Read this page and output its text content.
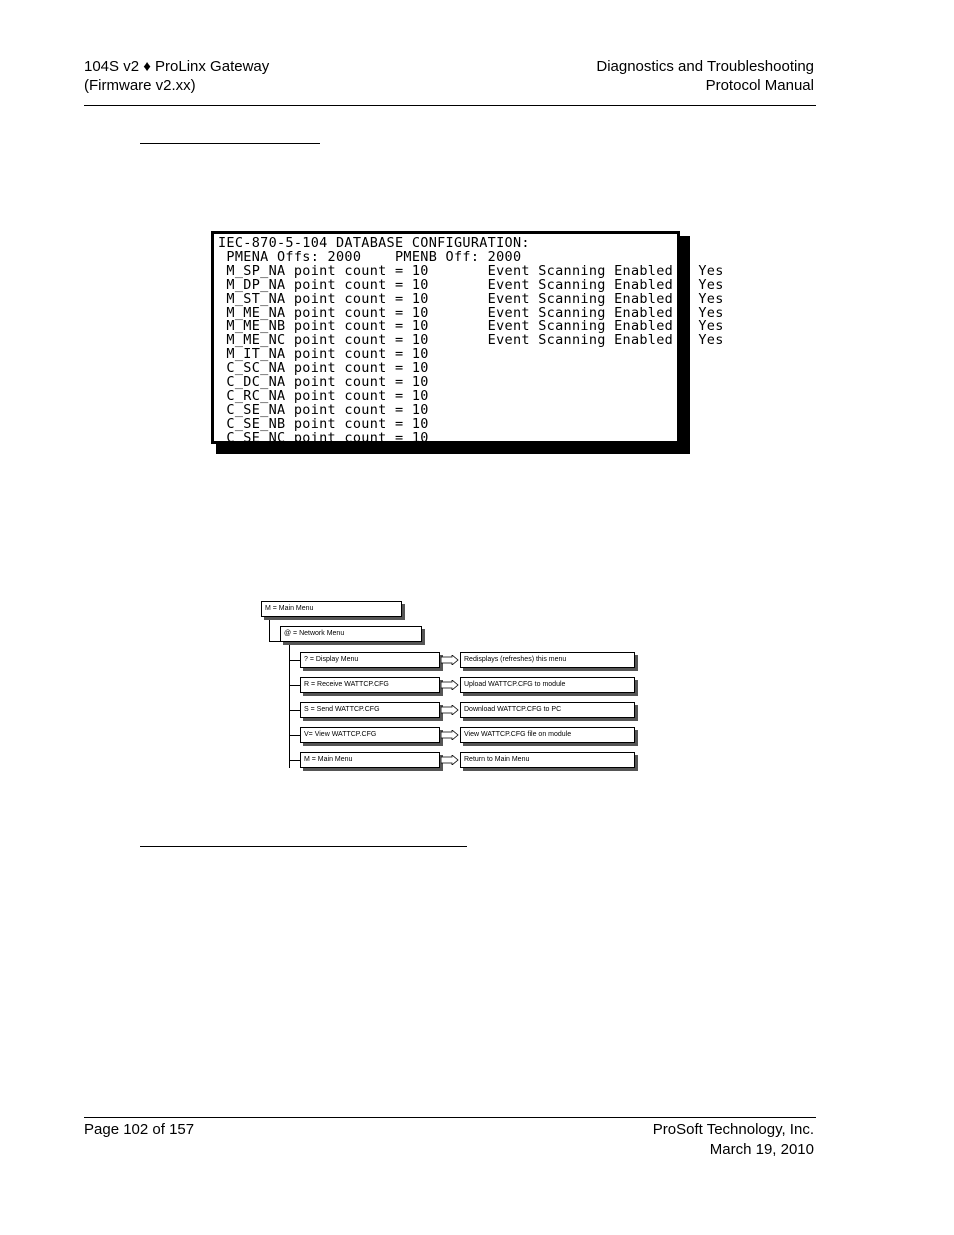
104S v2 ♦ ProLinx Gateway
(Firmware v2.xx)
Diagnostics and Troubleshooting
Protocol Manual
IEC-870-5-104 DATABASE CONFIGURATION:
PMENA Offs: 2000    PMENB Off: 2000
M_SP_NA point count = 10       Event Scanning Enabled : Yes
M_DP_NA point count = 10       Event Scanning Enabled : Yes
M_ST_NA point count = 10       Event Scanning Enabled : Yes
M_ME_NA point count = 10       Event Scanning Enabled : Yes
M_ME_NB point count = 10       Event Scanning Enabled : Yes
M_ME_NC point count = 10       Event Scanning Enabled : Yes
M_IT_NA point count = 10
C_SC_NA point count = 10
C_DC_NA point count = 10
C_RC_NA point count = 10
C_SE_NA point count = 10
C_SE_NB point count = 10
C_SE_NC point count = 10
M = Main Menu
@ = Network Menu
? = Display Menu	Redisplays (refreshes) this menu
R = Receive WATTCP.CFG	Upload WATTCP.CFG to module
S = Send WATTCP.CFG	Download WATTCP.CFG to PC
V= View WATTCP.CFG	View WATTCP.CFG file on module
M = Main Menu	Return to Main Menu
Page 102 of 157	ProSoft Technology, Inc.
March 19, 2010
